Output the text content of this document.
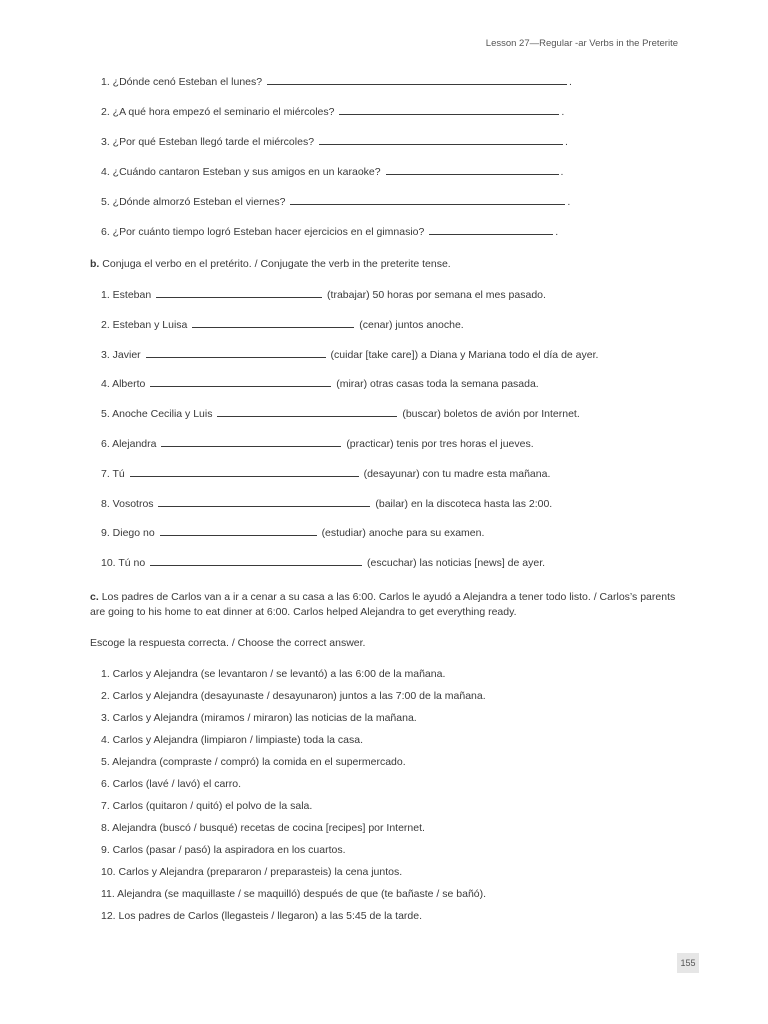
Lesson 27—Regular -ar Verbs in the Preterite
1. ¿Dónde cenó Esteban el lunes?	.
2. ¿A qué hora empezó el seminario el miércoles?	.
3. ¿Por qué Esteban llegó tarde el miércoles?	.
4. ¿Cuándo cantaron Esteban y sus amigos en un karaoke?	.
5. ¿Dónde almorzó Esteban el viernes?	.
6. ¿Por cuánto tiempo logró Esteban hacer ejercicios en el gimnasio?	.
b. Conjuga el verbo en el pretérito. / Conjugate the verb in the preterite tense.
1. Esteban	(trabajar) 50 horas por semana el mes pasado.
2. Esteban y Luisa	(cenar) juntos anoche.
3. Javier	(cuidar [take care]) a Diana y Mariana todo el día de ayer.
4. Alberto	(mirar) otras casas toda la semana pasada.
5. Anoche Cecilia y Luis	(buscar) boletos de avión por Internet.
6. Alejandra	(practicar) tenis por tres horas el jueves.
7. Tú	(desayunar) con tu madre esta mañana.
8. Vosotros	(bailar) en la discoteca hasta las 2:00.
9. Diego no	(estudiar) anoche para su examen.
10. Tú no	(escuchar) las noticias [news] de ayer.
c. Los padres de Carlos van a ir a cenar a su casa a las 6:00. Carlos le ayudó a Alejandra a tener todo listo. / Carlos’s parents are going to his home to eat dinner at 6:00. Carlos helped Alejandra to get everything ready.
Escoge la respuesta correcta. / Choose the correct answer.
1. Carlos y Alejandra (se levantaron / se levantó) a las 6:00 de la mañana.
2. Carlos y Alejandra (desayunaste / desayunaron) juntos a las 7:00 de la mañana.
3. Carlos y Alejandra (miramos / miraron) las noticias de la mañana.
4. Carlos y Alejandra (limpiaron / limpiaste) toda la casa.
5. Alejandra (compraste / compró) la comida en el supermercado.
6. Carlos (lavé / lavó) el carro.
7. Carlos (quitaron / quitó) el polvo de la sala.
8. Alejandra (buscó / busqué) recetas de cocina [recipes] por Internet.
9. Carlos (pasar / pasó) la aspiradora en los cuartos.
10. Carlos y Alejandra (prepararon / preparasteis) la cena juntos.
11. Alejandra (se maquillaste / se maquilló) después de que (te bañaste / se bañó).
12. Los padres de Carlos (llegasteis / llegaron) a las 5:45 de la tarde.
155
